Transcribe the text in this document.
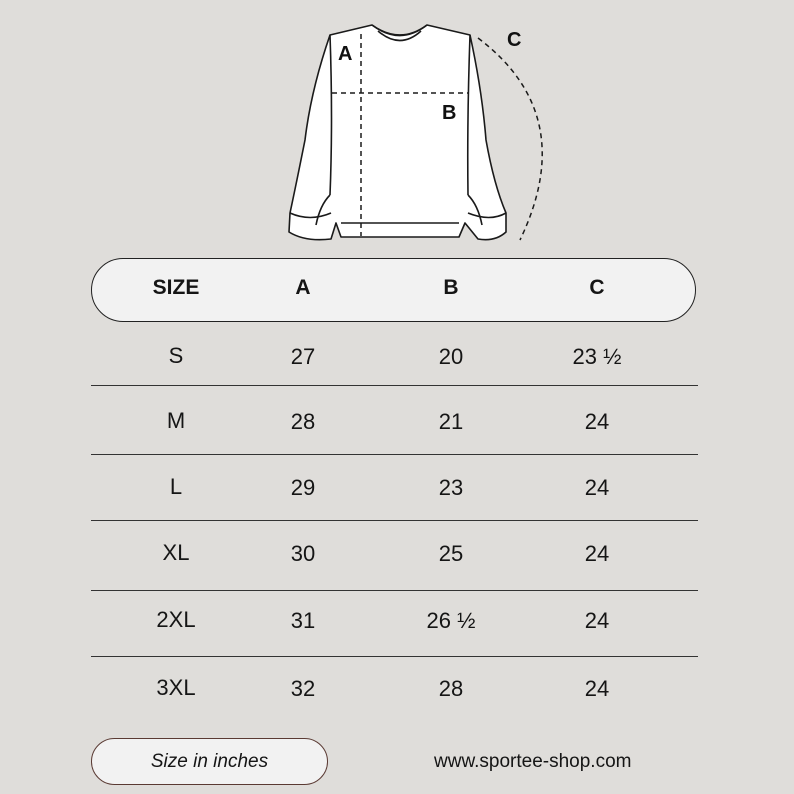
A
B
C
SIZE	A	B	C
S	27	20	23 ½
M	28	21	24
L	29	23	24
XL	30	25	24
2XL	31	26 ½	24
3XL	32	28	24
Size in inches	www.sportee-shop.com
